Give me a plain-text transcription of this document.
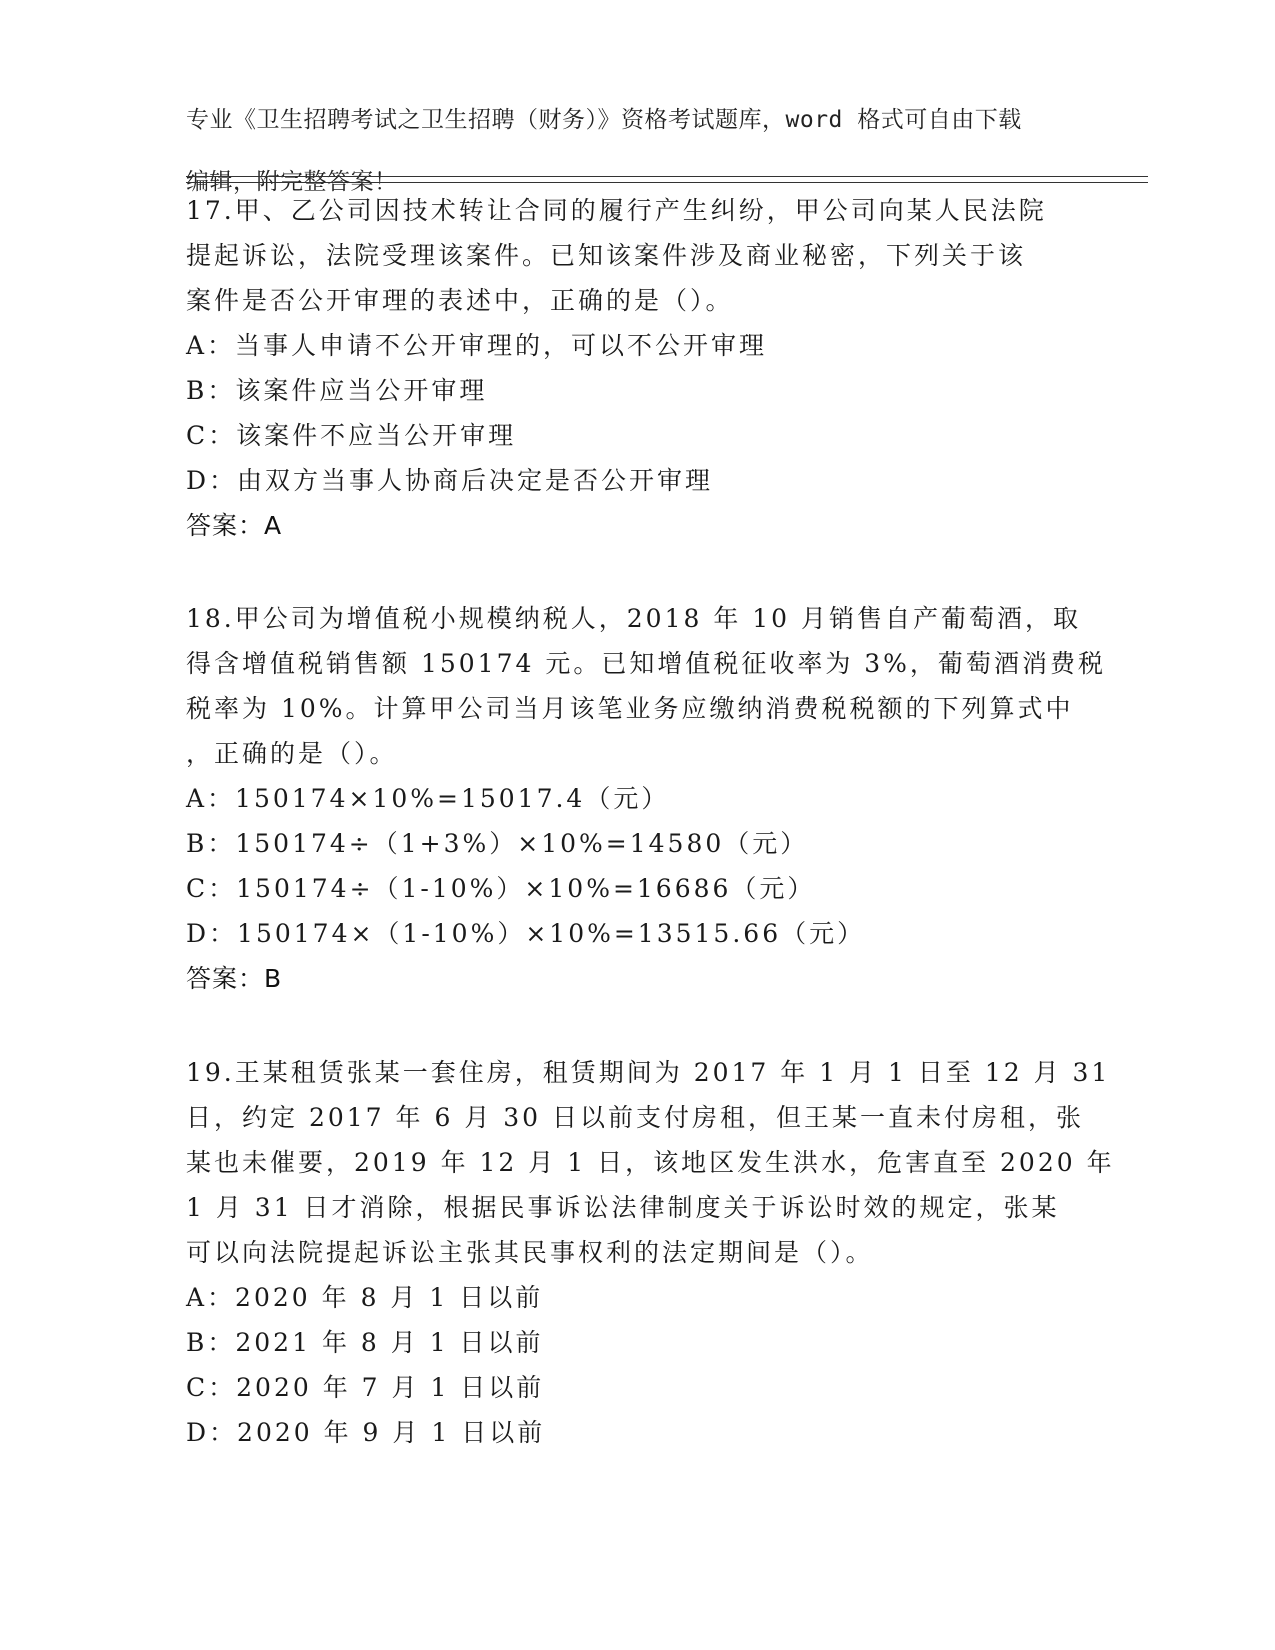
专业《卫生招聘考试之卫生招聘（财务）》资格考试题库，word 格式可自由下载

编辑，附完整答案！

17.甲、乙公司因技术转让合同的履行产生纠纷，甲公司向某人民法院
提起诉讼，法院受理该案件。已知该案件涉及商业秘密，下列关于该
案件是否公开审理的表述中，正确的是（）。
A：当事人申请不公开审理的，可以不公开审理
B：该案件应当公开审理
C：该案件不应当公开审理
D：由双方当事人协商后决定是否公开审理
答案：A
18.甲公司为增值税小规模纳税人，2018 年 10 月销售自产葡萄酒，取
得含增值税销售额 150174 元。已知增值税征收率为 3%，葡萄酒消费税
税率为 10%。计算甲公司当月该笔业务应缴纳消费税税额的下列算式中
，正确的是（）。
A：150174×10%=15017.4（元）
B：150174÷（1+3%）×10%=14580（元）
C：150174÷（1-10%）×10%=16686（元）
D：150174×（1-10%）×10%=13515.66（元）
答案：B
19.王某租赁张某一套住房，租赁期间为 2017 年 1 月 1 日至 12 月 31
日，约定 2017 年 6 月 30 日以前支付房租，但王某一直未付房租，张
某也未催要，2019 年 12 月 1 日，该地区发生洪水，危害直至 2020 年
1 月 31 日才消除，根据民事诉讼法律制度关于诉讼时效的规定，张某
可以向法院提起诉讼主张其民事权利的法定期间是（）。
A：2020 年 8 月 1 日以前
B：2021 年 8 月 1 日以前
C：2020 年 7 月 1 日以前
D：2020 年 9 月 1 日以前
